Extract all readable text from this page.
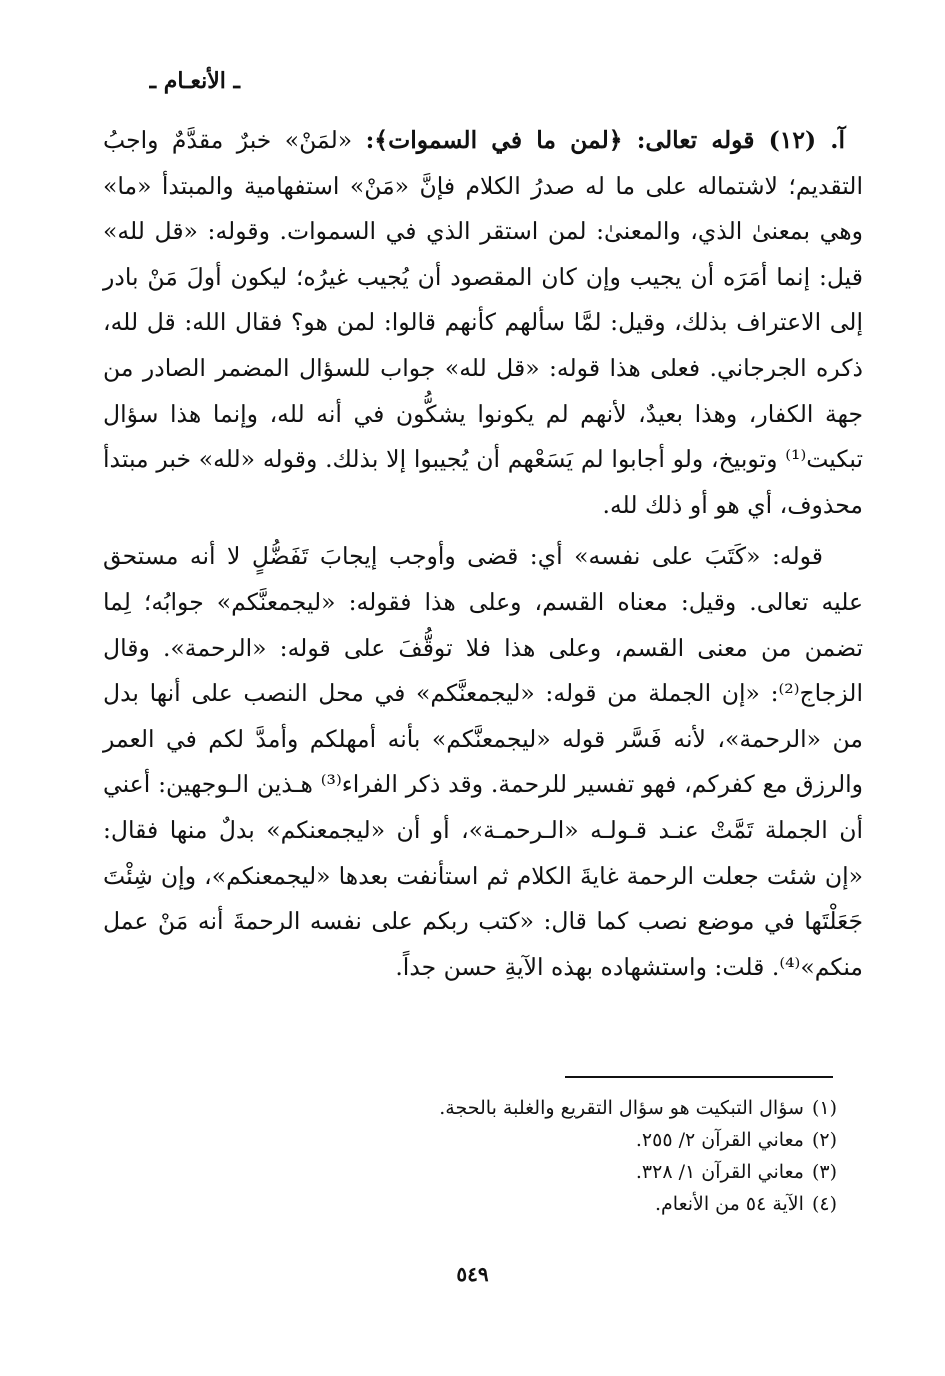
ـ الأنعـام ـ

آ. (١٢) قوله تعالى: ﴿لمن ما في السموات﴾: «لمَنْ» خبرٌ مقدَّمٌ واجبُ التقديم؛ لاشتماله على ما له صدرُ الكلام فإنَّ «مَنْ» استفهامية والمبتدأ «ما» وهي بمعنىٰ الذي، والمعنىٰ: لمن استقر الذي في السموات. وقوله: «قل لله» قيل: إنما أمَرَه أن يجيب وإن كان المقصود أن يُجيب غيرُه؛ ليكون أولَ مَنْ بادر إلى الاعتراف بذلك، وقيل: لمَّا سألهم كأنهم قالوا: لمن هو؟ فقال الله: قل لله، ذكره الجرجاني. فعلى هذا قوله: «قل لله» جواب للسؤال المضمر الصادر من جهة الكفار، وهذا بعيدٌ، لأنهم لم يكونوا يشكُّون في أنه لله، وإنما هذا سؤال تبكيت⁽¹⁾ وتوبيخ، ولو أجابوا لم يَسَعْهم أن يُجيبوا إلا بذلك. وقوله «لله» خبر مبتدأ محذوف، أي هو أو ذلك لله.

قوله: «كَتَبَ على نفسه» أي: قضى وأوجب إيجابَ تَفَضُّلٍ لا أنه مستحق عليه تعالى. وقيل: معناه القسم، وعلى هذا فقوله: «ليجمعنَّكم» جوابُه؛ لِما تضمن من معنى القسم، وعلى هذا فلا توقُّفَ على قوله: «الرحمة». وقال الزجاج⁽²⁾: «إن الجملة من قوله: «ليجمعنَّكم» في محل النصب على أنها بدل من «الرحمة»، لأنه فَسَّر قوله «ليجمعنَّكم» بأنه أمهلكم وأمدَّ لكم في العمر والرزق مع كفركم، فهو تفسير للرحمة. وقد ذكر الفراء⁽³⁾ هـذين الـوجهين: أعني أن الجملة تَمَّتْ عنـد قـولـه «الـرحمـة»، أو أن «ليجمعنكم» بدلٌ منها فقال: «إن شئت جعلت الرحمة غايةَ الكلام ثم استأنفت بعدها «ليجمعنكم»، وإن شِئْتَ جَعَلْتَها في موضع نصب كما قال: «كتب ربكم على نفسه الرحمةَ أنه مَنْ عمل منكم»⁽⁴⁾. قلت: واستشهاده بهذه الآيةِ حسن جداً.

(١)سؤال التبكيت هو سؤال التقريع والغلبة بالحجة.
(٢)معاني القرآن ٢/ ٢٥٥.
(٣)معاني القرآن ١/ ٣٢٨.
(٤)الآية ٥٤ من الأنعام.
٥٤٩
